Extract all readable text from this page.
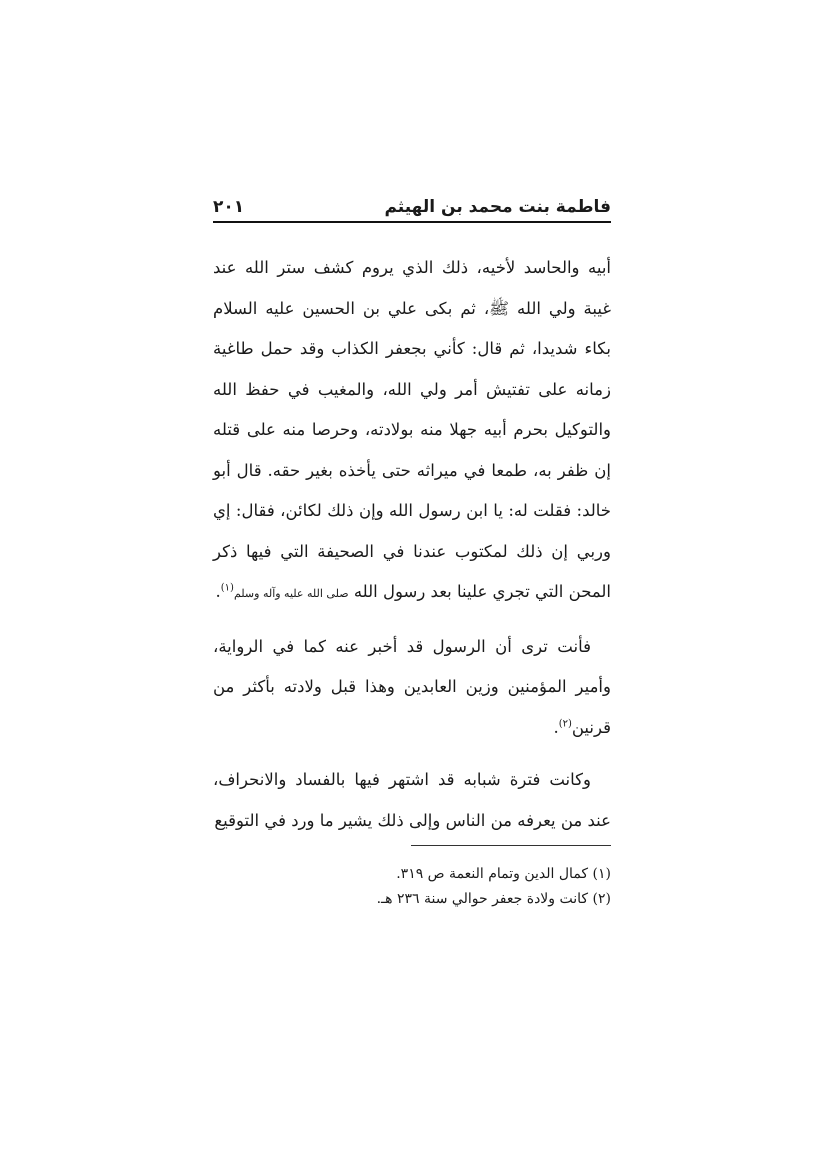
فاطمة بنت محمد بن الهيثم
٢٠١

أبيه والحاسد لأخيه، ذلك الذي يروم كشف ستر الله عند غيبة ولي الله ﷺ، ثم بكى علي بن الحسين عليه السلام بكاء شديدا، ثم قال: كأني بجعفر الكذاب وقد حمل طاغية زمانه على تفتيش أمر ولي الله، والمغيب في حفظ الله والتوكيل بحرم أبيه جهلا منه بولادته، وحرصا منه على قتله إن ظفر به، طمعا في ميراثه حتى يأخذه بغير حقه. قال أبو خالد: فقلت له: يا ابن رسول الله وإن ذلك لكائن، فقال: إي وربي إن ذلك لمكتوب عندنا في الصحيفة التي فيها ذكر المحن التي تجري علينا بعد رسول الله صلى الله عليه وآله وسلم$^{(١)}$.

فأنت ترى أن الرسول قد أخبر عنه كما في الرواية، وأمير المؤمنين وزين العابدين وهذا قبل ولادته بأكثر من قرنين$^{(٢)}$.

وكانت فترة شبابه قد اشتهر فيها بالفساد والانحراف، عند من يعرفه من الناس وإلى ذلك يشير ما ورد في التوقيع

(١) كمال الدين وتمام النعمة ص ٣١٩.

(٢) كانت ولادة جعفر حوالي سنة ٢٣٦ هـ.
